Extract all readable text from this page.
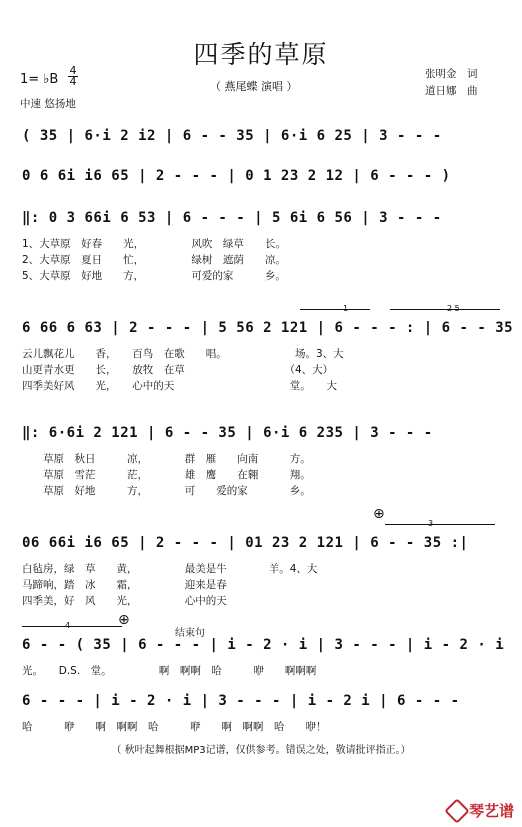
四季的草原
（ 燕尾蝶 演唱 ）
张明金　词
道日娜　曲
1= ♭B
4
4
中速 悠扬地
( 35 | 6·i 2 i2 | 6 - - 35 | 6·i 6 25 | 3 - - -
0 6 6i i6 65 | 2 - - - | 0 1 23 2 12 | 6 - - - )
‖: 0 3 66i 6 53 | 6 - - - | 5 6i 6 56 | 3 - - -
1、大草原　好春　　光，　　　　　风吹　绿草　　长。
2、大草原　夏日　　忙，　　　　　绿树　遮荫　　凉。
5、大草原　好地　　方，　　　　　可爱的家　　　乡。
6 66 6 63 | 2 - - - | 5 56 2 121 | 6 - - - : | 6 - - 35
云儿飘花儿　　香，　　百鸟　在歌　　唱。　　　　　　　场。3、大
山更青水更　　长，　　放牧　在草　　　　　　　　　　（4、大）
四季美好风　　光，　　心中的天　　　　　　　　　　　堂。　　大
‖: 6·6i 2 121 | 6 - - 35 | 6·i 6 235 | 3 - - -
　　草原　秋日　　　凉，　　　　群　雁　　向南　　　方。
　　草原　雪茫　　　茫，　　　　雄　鹰　　在翱　　　翔。
　　草原　好地　　　方，　　　　可　　爱的家　　　　乡。
06 66i i6 65 | 2 - - - | 01 23 2 121 | 6 - - 35 :|
白毡房，绿　草　　黄，　　　　　最美是牛　　　　羊。4、大
马蹄响，踏　冰　　霜，　　　　　迎来是春
四季美，好　风　　光，　　　　　心中的天
6 - - ( 35 | 6 - - - | i - 2 · i | 3 - - - | i - 2 · i
光。　　D.S.　堂。　　　　　啊　啊啊　哈　　　咿　　啊啊啊
6 - - - | i - 2 · i | 3 - - - | i - 2 i | 6 - - -
哈　　　咿　　啊　啊啊　哈　　　咿　　啊　啊啊　哈　　咿！
1	2 5
3
4
结束句
⊕
⊕
（ 秋叶起舞根据MP3记谱，仅供参考。错误之处，敬请批评指正。）
琴艺谱
